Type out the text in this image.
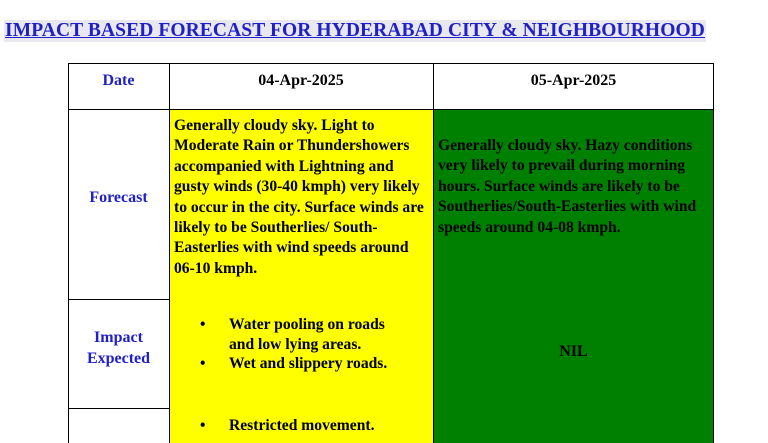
IMPACT BASED FORECAST FOR HYDERABAD CITY & NEIGHBOURHOOD
Date	04-Apr-2025	05-Apr-2025
Forecast

Generally cloudy sky. Light to Moderate Rain or Thundershowers accompanied with Lightning and gusty winds (30-40 kmph) very likely to occur in the city. Surface winds are likely to be Southerlies/ South-Easterlies with wind speeds around 06-10 kmph.

Generally cloudy sky. Hazy conditions very likely to prevail during morning hours. Surface winds are likely to be Southerlies/South-Easterlies with wind speeds around 04-08 kmph.

Impact
Expected
• Water pooling on roads and low lying areas.
• Wet and slippery roads.
NIL
• Restricted movement.
